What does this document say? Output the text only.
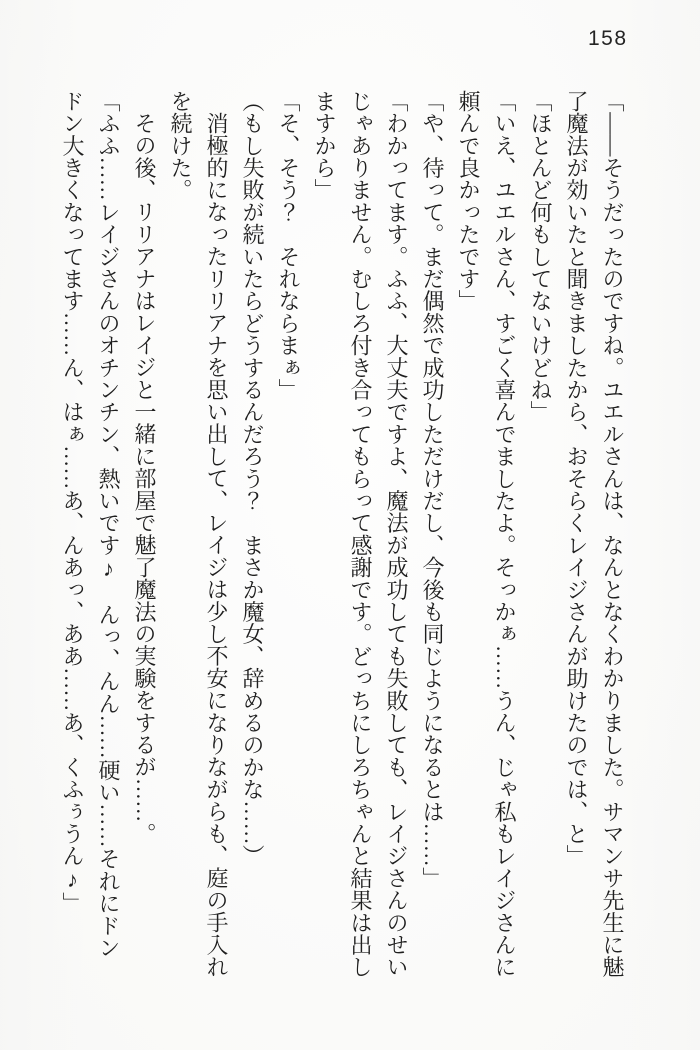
158

「——そうだったのですね。ユエルさんは、なんとなくわかりました。サマンサ先生に魅

了魔法が効いたと聞きましたから、おそらくレイジさんが助けたのでは、と」

「ほとんど何もしてないけどね」

「いえ、ユエルさん、すごく喜んでましたよ。そっかぁ……うん、じゃ私もレイジさんに

頼んで良かったです」

「や、待って。まだ偶然で成功しただけだし、今後も同じようになるとは……」

「わかってます。ふふ、大丈夫ですよ、魔法が成功しても失敗しても、レイジさんのせい

じゃありません。むしろ付き合ってもらって感謝です。どっちにしろちゃんと結果は出し

ますから」

「そ、そう？　それならまぁ」

（もし失敗が続いたらどうするんだろう？　まさか魔女、辞めるのかな……）

消極的になったリリアナを思い出して、レイジは少し不安になりながらも、庭の手入れ

を続けた。

その後、リリアナはレイジと一緒に部屋で魅了魔法の実験をするが……。

「ふふ……レイジさんのオチンチン、熱いです♪　んっ、んん……硬い……それにドン

ドン大きくなってます……ん、はぁ……あ、んあっ、ああ……あ、くふぅうん♪」
